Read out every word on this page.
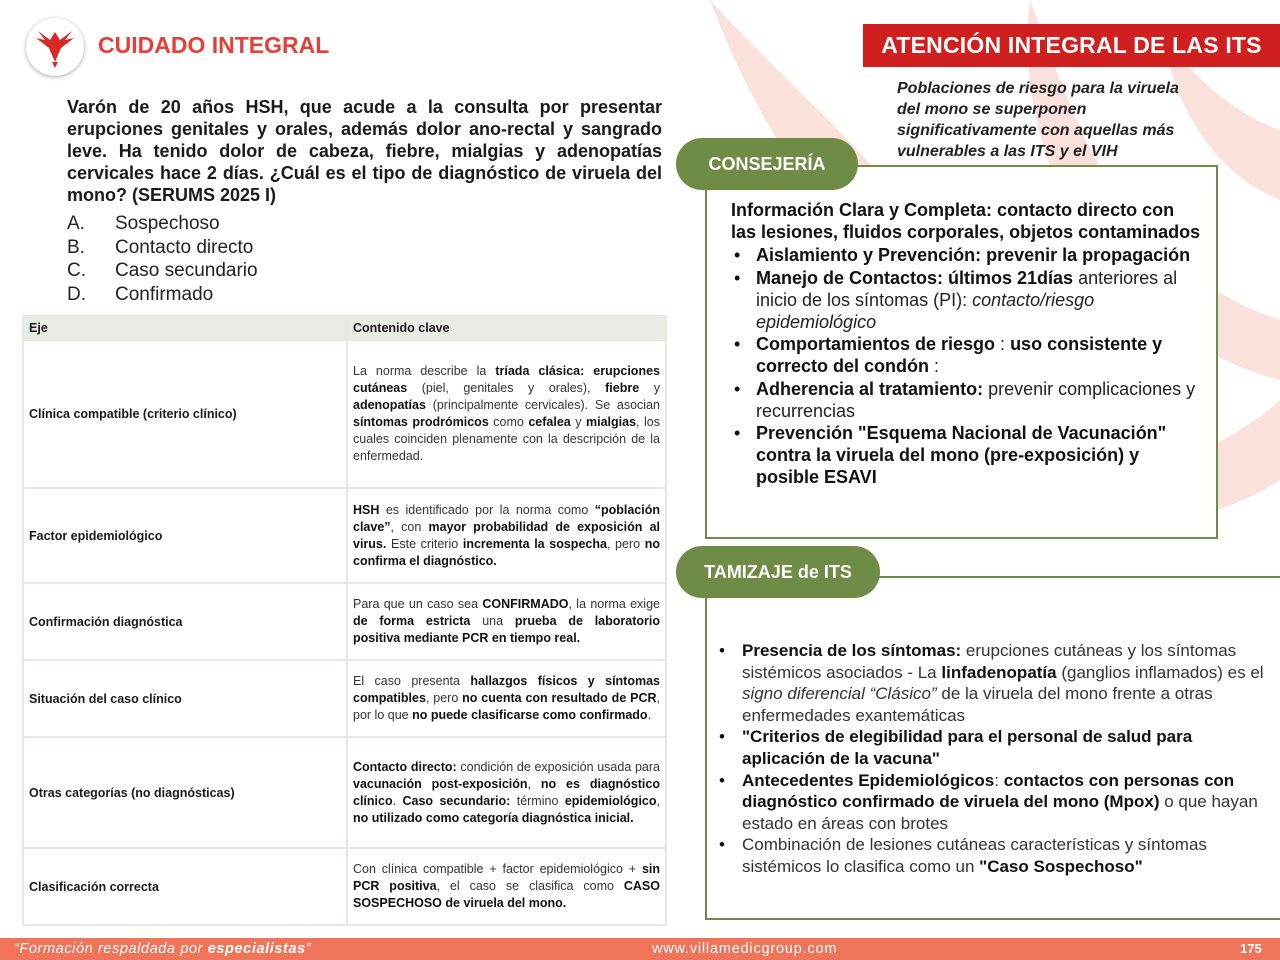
CUIDADO INTEGRAL	ATENCIÓN INTEGRAL DE LAS ITS
Poblaciones de riesgo para la viruela del mono se superponen significativamente con aquellas más vulnerables a las ITS y el VIH
Varón de 20 años HSH, que acude a la consulta por presentar erupciones genitales y orales, además dolor ano-rectal y sangrado leve. Ha tenido dolor de cabeza, fiebre, mialgias y adenopatías cervicales hace 2 días. ¿Cuál es el tipo de diagnóstico de viruela del mono? (SERUMS 2025 I)
A.	Sospechoso
B.	Contacto directo
C.	Caso secundario
D.	Confirmado
Eje	Contenido clave
Clínica compatible (criterio clínico)	La norma describe la tríada clásica: erupciones cutáneas (piel, genitales y orales), fiebre y adenopatías (principalmente cervicales). Se asocian síntomas prodrómicos como cefalea y mialgias, los cuales coinciden plenamente con la descripción de la enfermedad.
Factor epidemiológico	HSH es identificado por la norma como “población clave”, con mayor probabilidad de exposición al virus. Este criterio incrementa la sospecha, pero no confirma el diagnóstico.
Confirmación diagnóstica	Para que un caso sea CONFIRMADO, la norma exige de forma estricta una prueba de laboratorio positiva mediante PCR en tiempo real.
Situación del caso clínico	El caso presenta hallazgos físicos y síntomas compatibles, pero no cuenta con resultado de PCR, por lo que no puede clasificarse como confirmado.
Otras categorías (no diagnósticas)	Contacto directo: condición de exposición usada para vacunación post-exposición, no es diagnóstico clínico. Caso secundario: término epidemiológico, no utilizado como categoría diagnóstica inicial.
Clasificación correcta	Con clínica compatible + factor epidemiológico + sin PCR positiva, el caso se clasifica como CASO SOSPECHOSO de viruela del mono.
CONSEJERÍA
Información Clara y Completa: contacto directo con las lesiones, fluidos corporales, objetos contaminados
• Aislamiento y Prevención: prevenir la propagación
• Manejo de Contactos: últimos 21días anteriores al inicio de los síntomas (PI): contacto/riesgo epidemiológico
• Comportamientos de riesgo : uso consistente y correcto del condón :
• Adherencia al tratamiento: prevenir complicaciones y recurrencias
• Prevención "Esquema Nacional de Vacunación" contra la viruela del mono (pre-exposición) y posible ESAVI
TAMIZAJE de ITS
• Presencia de los síntomas: erupciones cutáneas y los síntomas sistémicos asociados - La linfadenopatía (ganglios inflamados) es el signo diferencial “Clásico” de la viruela del mono frente a otras enfermedades exantemáticas
• "Criterios de elegibilidad para el personal de salud para aplicación de la vacuna"
• Antecedentes Epidemiológicos: contactos con personas con diagnóstico confirmado de viruela del mono (Mpox) o que hayan estado en áreas con brotes
• Combinación de lesiones cutáneas características y síntomas sistémicos lo clasifica como un "Caso Sospechoso"
“Formación respaldada por especialistas”	www.villamedicgroup.com	175
